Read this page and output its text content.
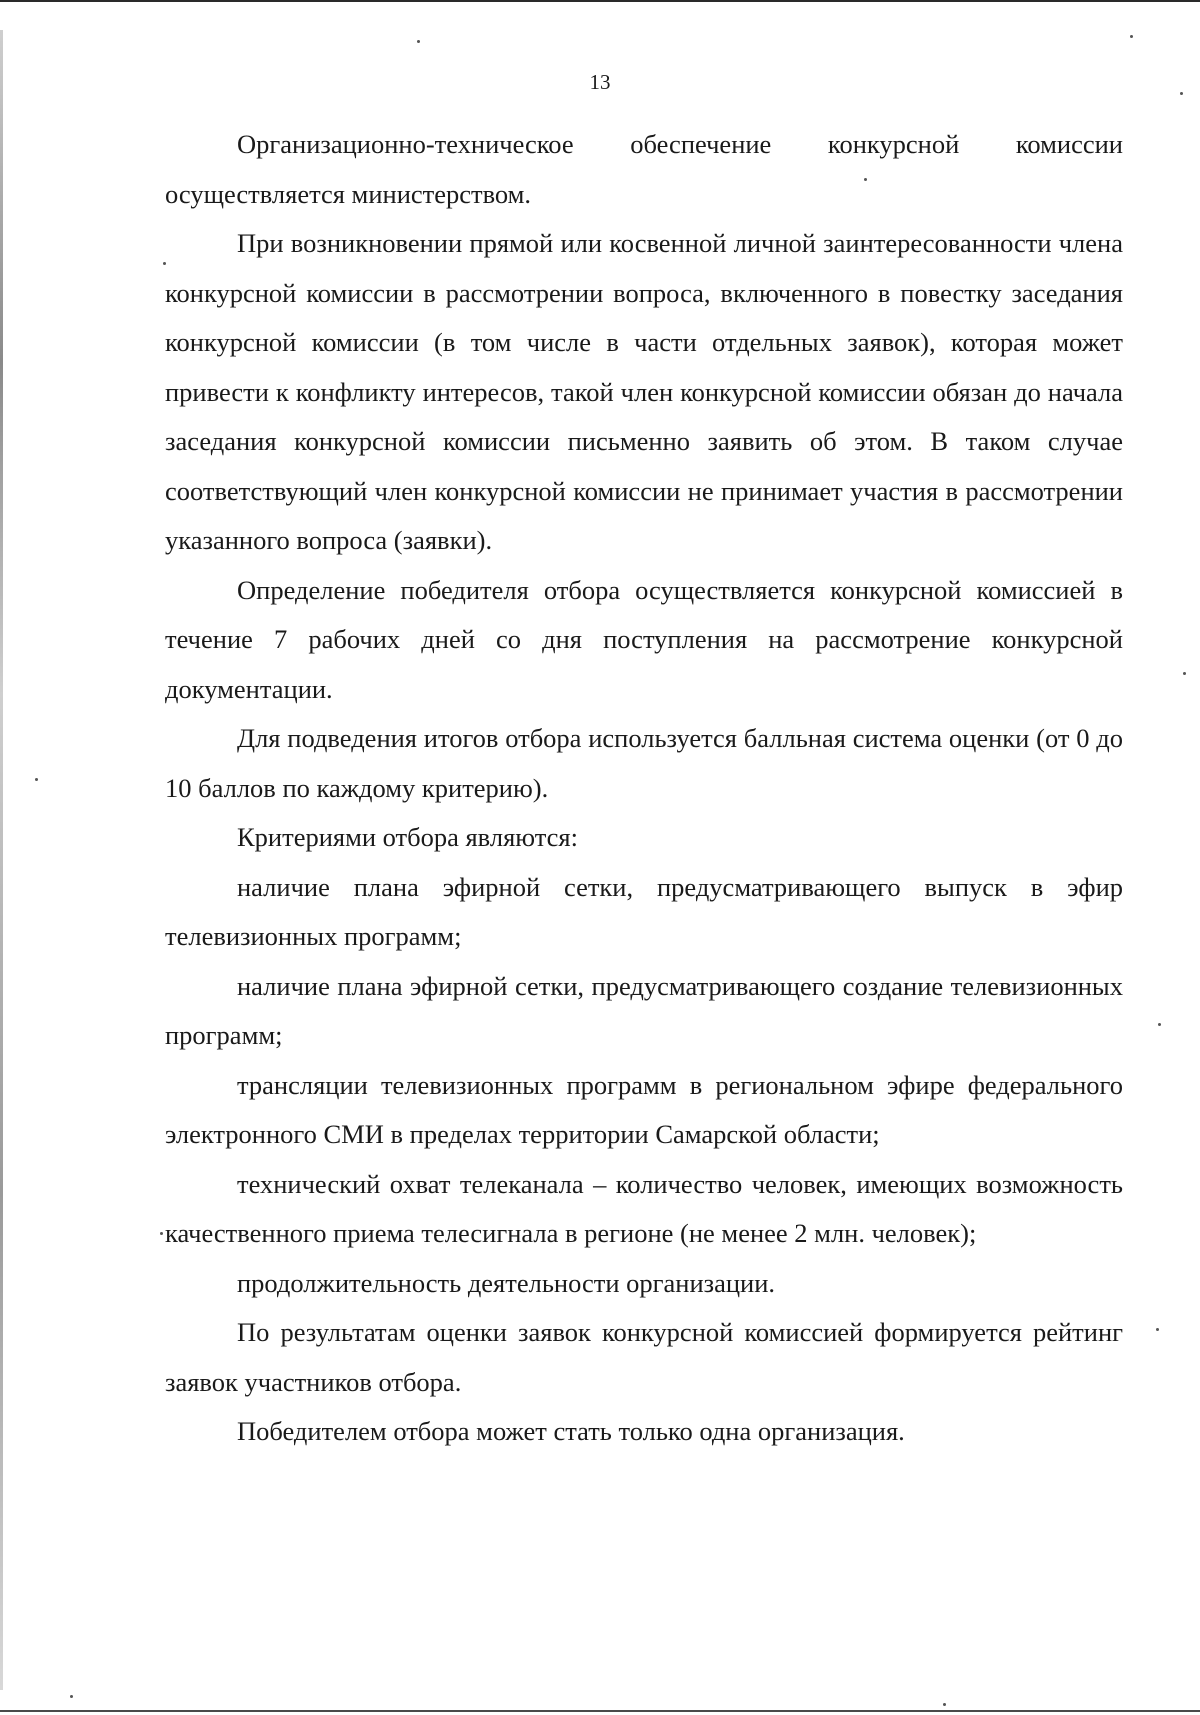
13

Организационно-техническое обеспечение конкурсной комиссии осуществляется министерством.

При возникновении прямой или косвенной личной заинтересованности члена конкурсной комиссии в рассмотрении вопроса, включенного в повестку заседания конкурсной комиссии (в том числе в части отдельных заявок), которая может привести к конфликту интересов, такой член конкурсной комиссии обязан до начала заседания конкурсной комиссии письменно заявить об этом. В таком случае соответствующий член конкурсной комиссии не принимает участия в рассмотрении указанного вопроса (заявки).

Определение победителя отбора осуществляется конкурсной комиссией в течение 7 рабочих дней со дня поступления на рассмотрение конкурсной документации.

Для подведения итогов отбора используется балльная система оценки (от 0 до 10 баллов по каждому критерию).

Критериями отбора являются:

наличие плана эфирной сетки, предусматривающего выпуск в эфир телевизионных программ;

наличие плана эфирной сетки, предусматривающего создание телевизионных программ;

трансляции телевизионных программ в региональном эфире федерального электронного СМИ в пределах территории Самарской области;

технический охват телеканала – количество человек, имеющих возможность качественного приема телесигнала в регионе (не менее 2 млн. человек);

продолжительность деятельности организации.

По результатам оценки заявок конкурсной комиссией формируется рейтинг заявок участников отбора.

Победителем отбора может стать только одна организация.
